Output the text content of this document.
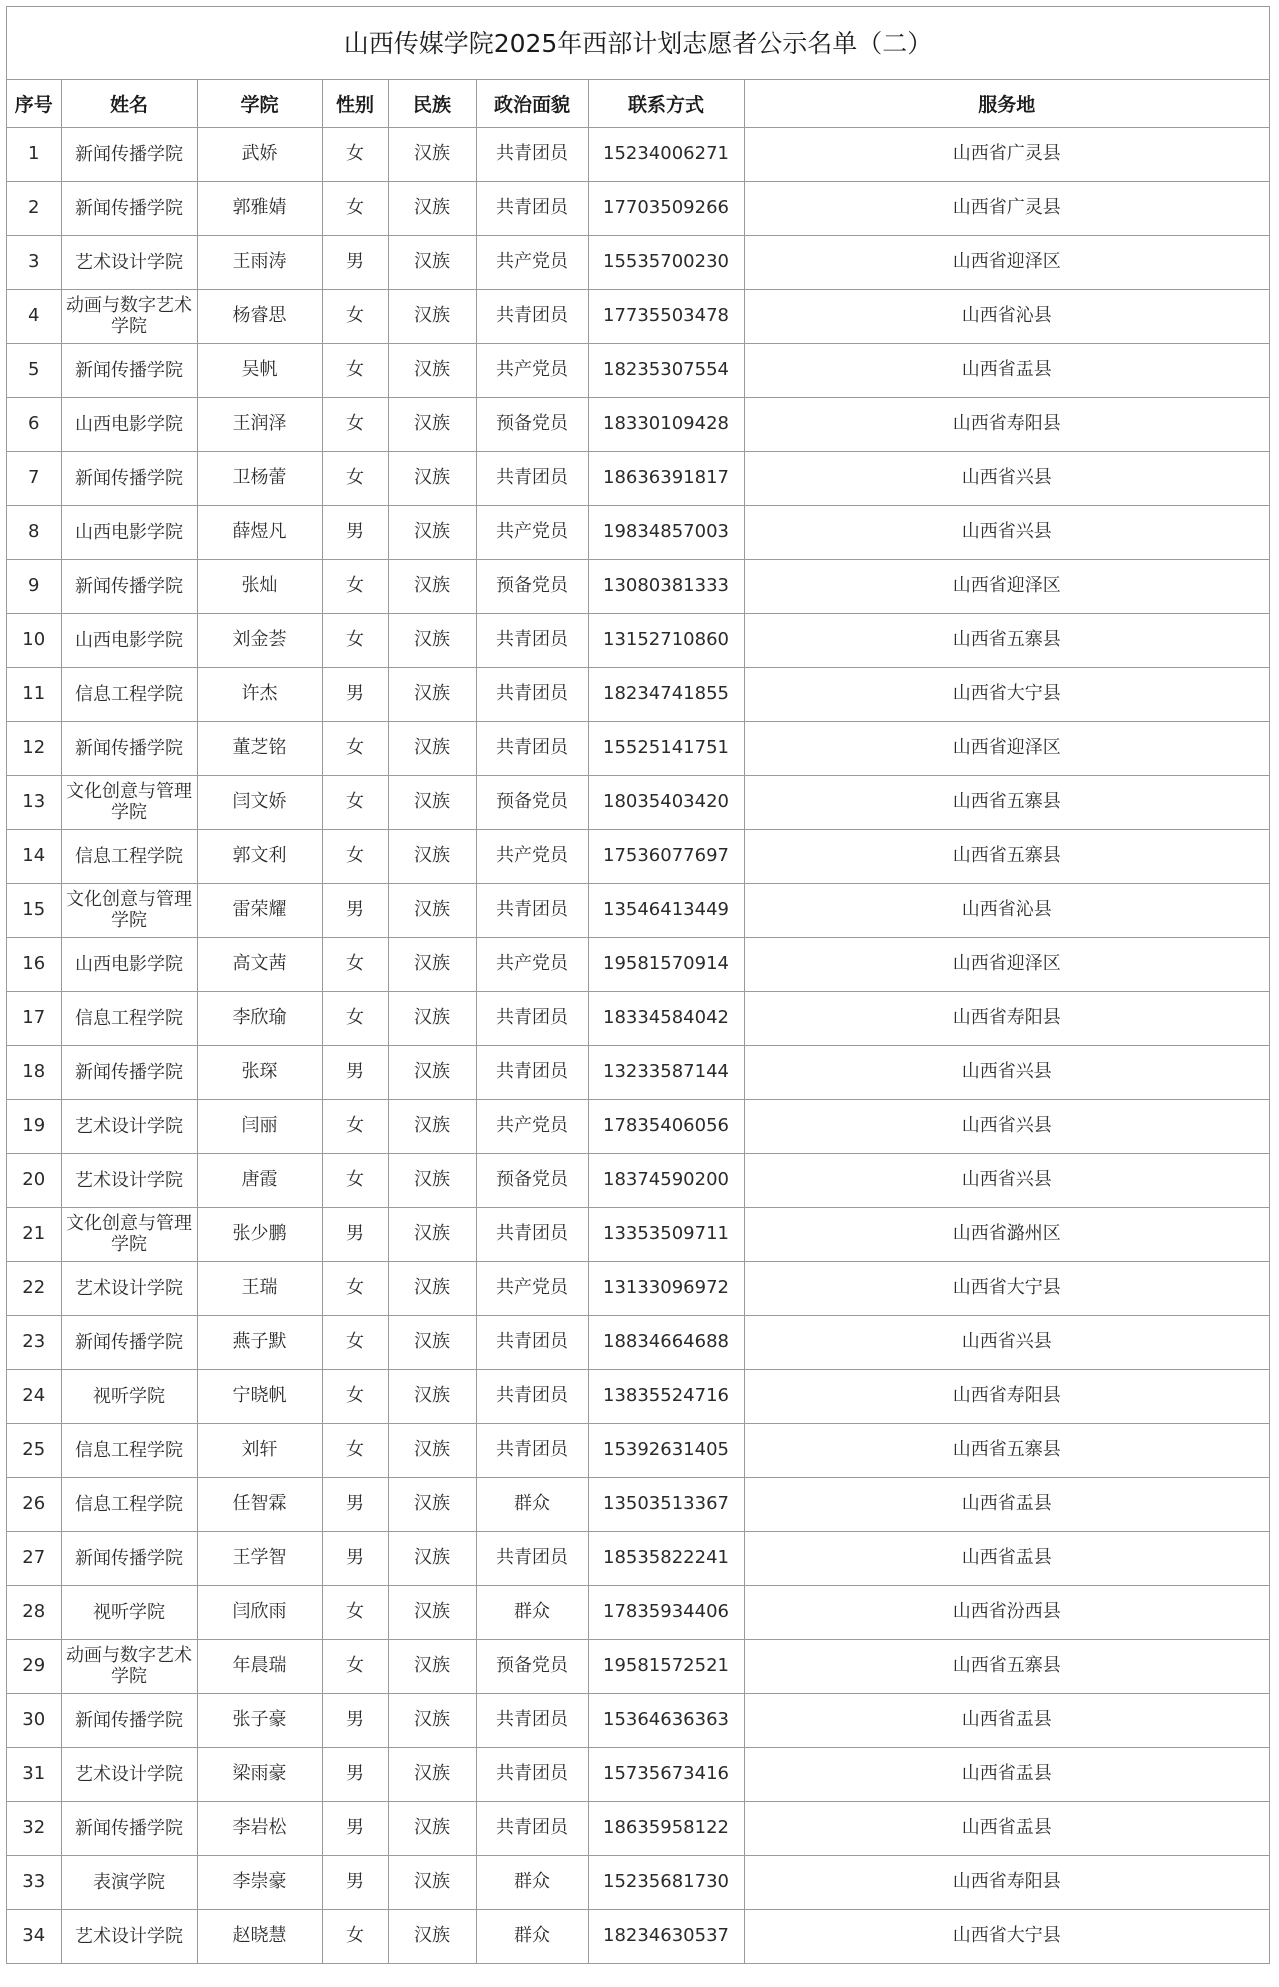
山西传媒学院2025年西部计划志愿者公示名单（二）
序号	姓名	学院	性别	民族	政治面貌	联系方式	服务地
1	新闻传播学院	武娇	女	汉族	共青团员	15234006271	山西省广灵县
2	新闻传播学院	郭雅婧	女	汉族	共青团员	17703509266	山西省广灵县
3	艺术设计学院	王雨涛	男	汉族	共产党员	15535700230	山西省迎泽区
4	动画与数字艺术学院	杨睿思	女	汉族	共青团员	17735503478	山西省沁县
5	新闻传播学院	吴帆	女	汉族	共产党员	18235307554	山西省盂县
6	山西电影学院	王润泽	女	汉族	预备党员	18330109428	山西省寿阳县
7	新闻传播学院	卫杨蕾	女	汉族	共青团员	18636391817	山西省兴县
8	山西电影学院	薛煜凡	男	汉族	共产党员	19834857003	山西省兴县
9	新闻传播学院	张灿	女	汉族	预备党员	13080381333	山西省迎泽区
10	山西电影学院	刘金荟	女	汉族	共青团员	13152710860	山西省五寨县
11	信息工程学院	许杰	男	汉族	共青团员	18234741855	山西省大宁县
12	新闻传播学院	董芝铭	女	汉族	共青团员	15525141751	山西省迎泽区
13	文化创意与管理学院	闫文娇	女	汉族	预备党员	18035403420	山西省五寨县
14	信息工程学院	郭文利	女	汉族	共产党员	17536077697	山西省五寨县
15	文化创意与管理学院	雷荣耀	男	汉族	共青团员	13546413449	山西省沁县
16	山西电影学院	高文茜	女	汉族	共产党员	19581570914	山西省迎泽区
17	信息工程学院	李欣瑜	女	汉族	共青团员	18334584042	山西省寿阳县
18	新闻传播学院	张琛	男	汉族	共青团员	13233587144	山西省兴县
19	艺术设计学院	闫丽	女	汉族	共产党员	17835406056	山西省兴县
20	艺术设计学院	唐霞	女	汉族	预备党员	18374590200	山西省兴县
21	文化创意与管理学院	张少鹏	男	汉族	共青团员	13353509711	山西省潞州区
22	艺术设计学院	王瑞	女	汉族	共产党员	13133096972	山西省大宁县
23	新闻传播学院	燕子默	女	汉族	共青团员	18834664688	山西省兴县
24	视听学院	宁晓帆	女	汉族	共青团员	13835524716	山西省寿阳县
25	信息工程学院	刘轩	女	汉族	共青团员	15392631405	山西省五寨县
26	信息工程学院	任智霖	男	汉族	群众	13503513367	山西省盂县
27	新闻传播学院	王学智	男	汉族	共青团员	18535822241	山西省盂县
28	视听学院	闫欣雨	女	汉族	群众	17835934406	山西省汾西县
29	动画与数字艺术学院	年晨瑞	女	汉族	预备党员	19581572521	山西省五寨县
30	新闻传播学院	张子豪	男	汉族	共青团员	15364636363	山西省盂县
31	艺术设计学院	梁雨豪	男	汉族	共青团员	15735673416	山西省盂县
32	新闻传播学院	李岩松	男	汉族	共青团员	18635958122	山西省盂县
33	表演学院	李崇豪	男	汉族	群众	15235681730	山西省寿阳县
34	艺术设计学院	赵晓慧	女	汉族	群众	18234630537	山西省大宁县
